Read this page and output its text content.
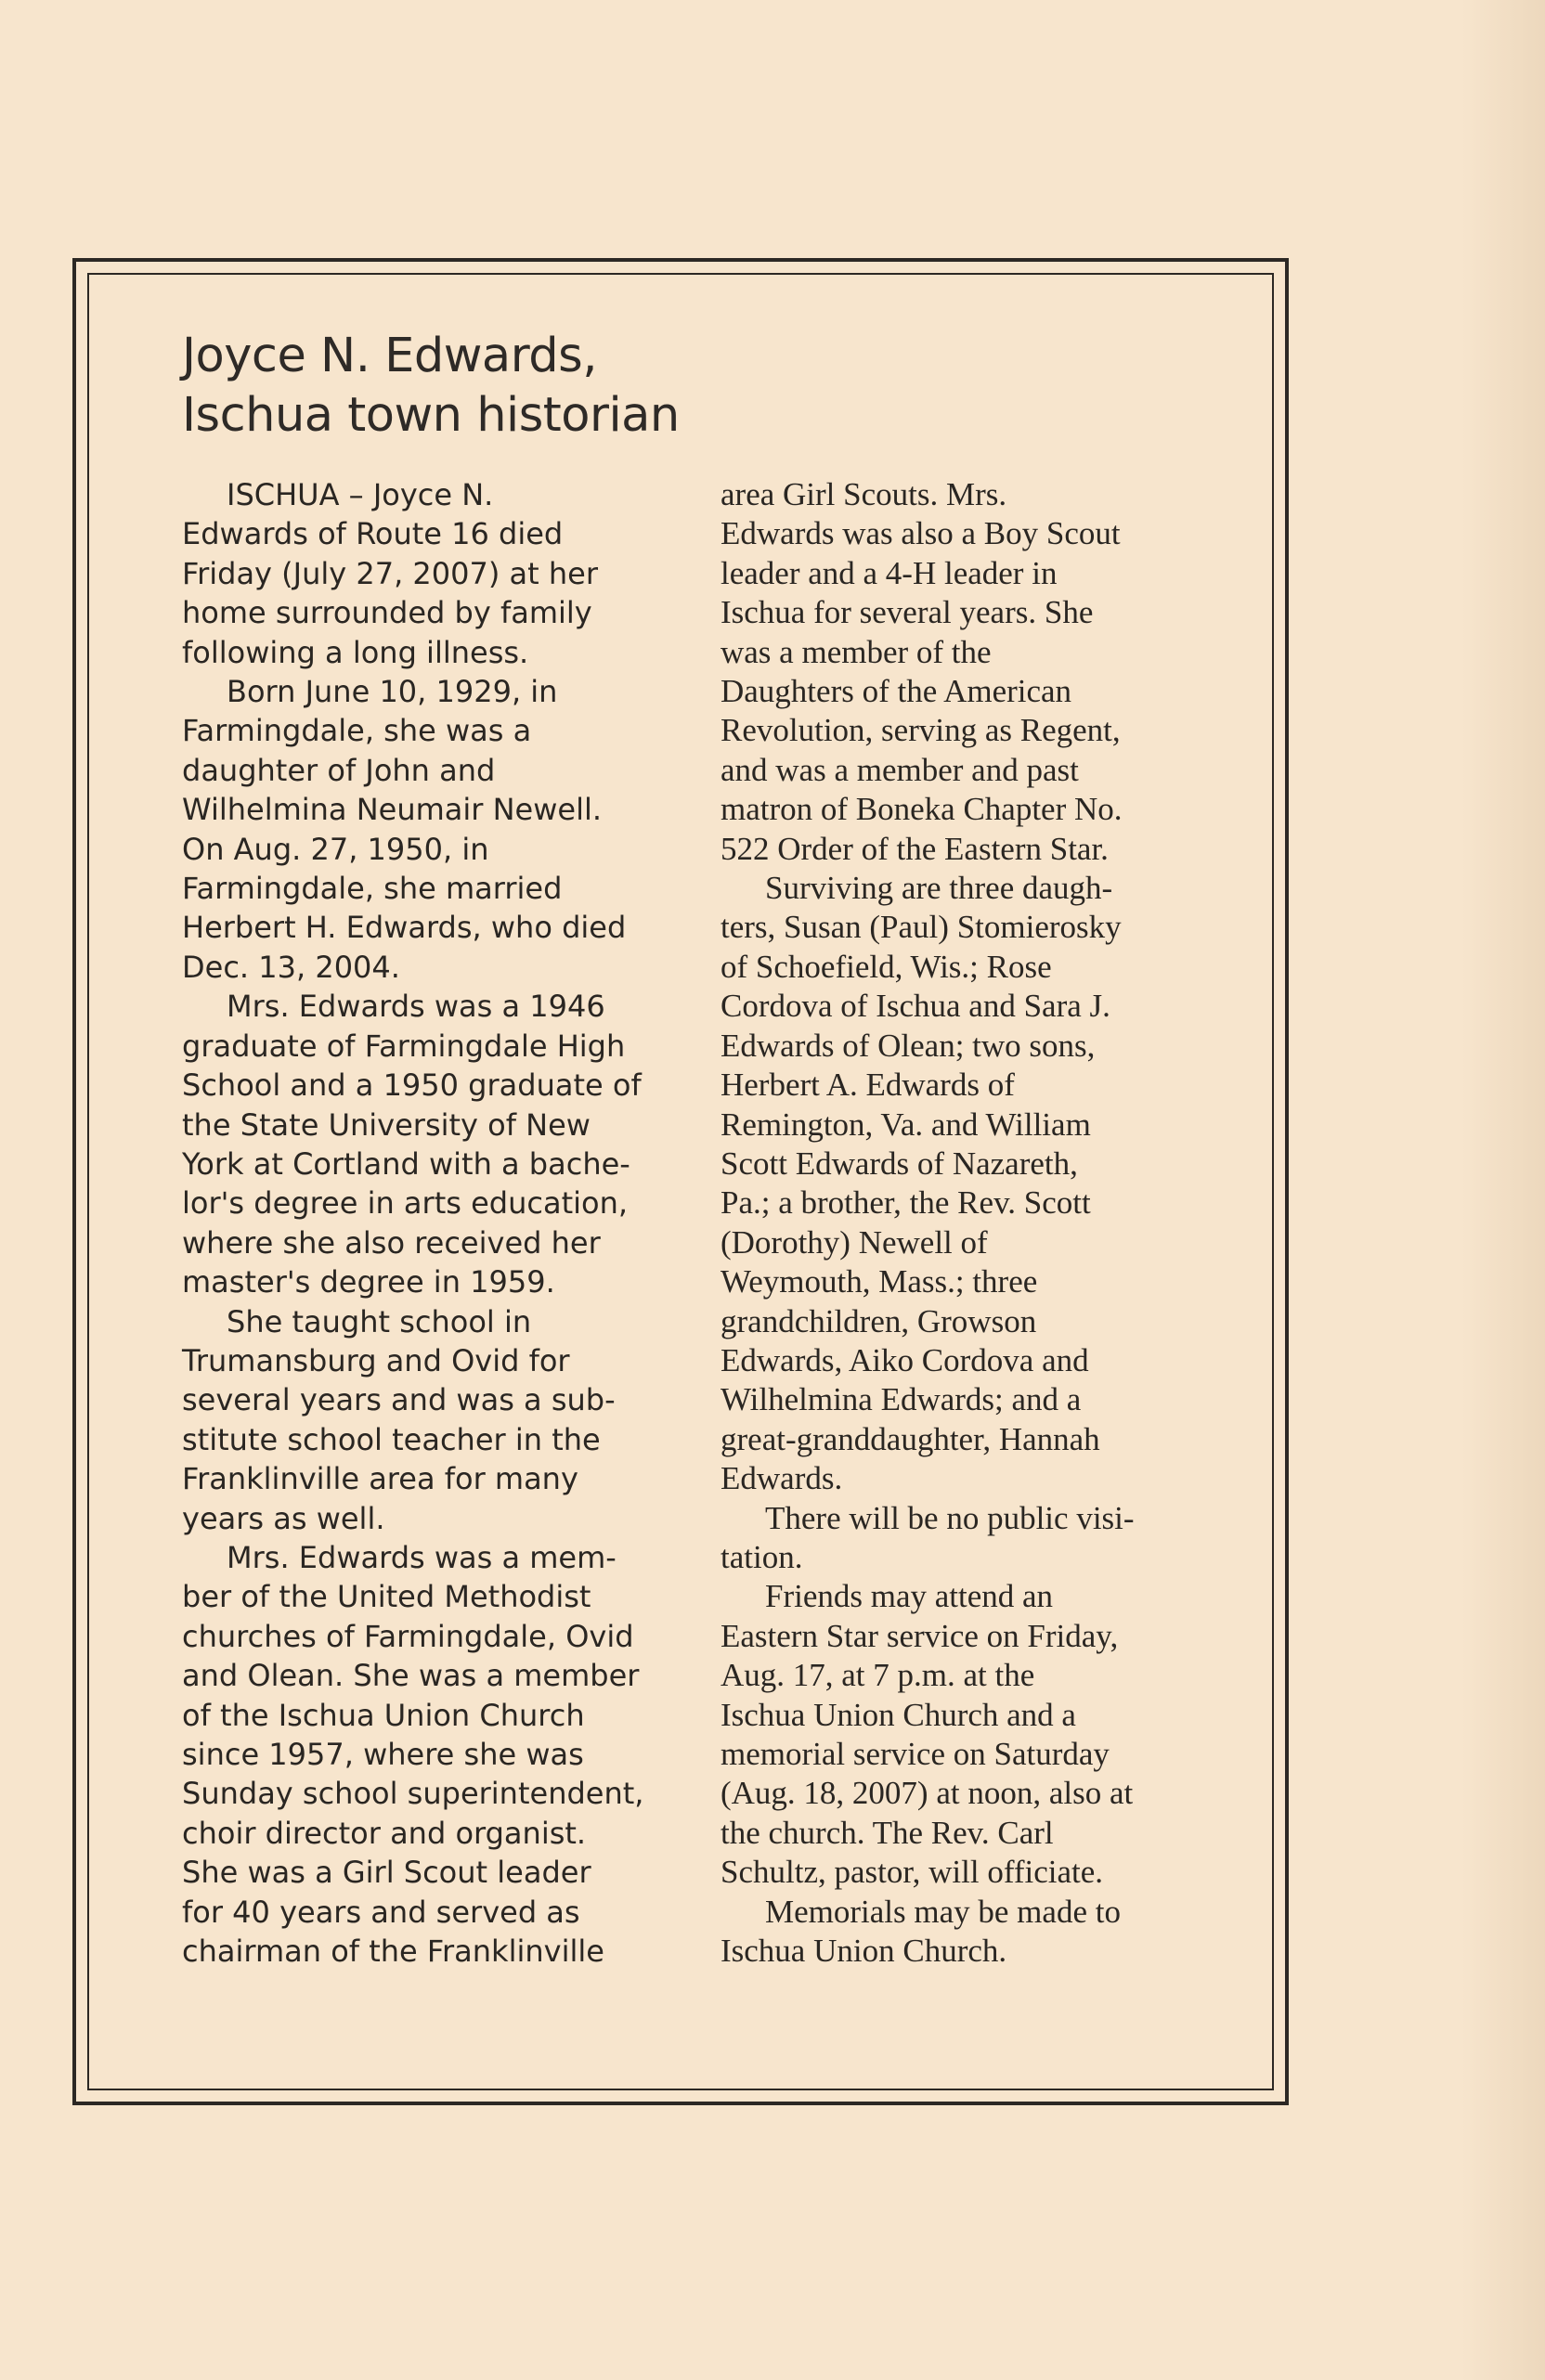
Joyce N. Edwards,
Ischua town historian
ISCHUA – Joyce N.
Edwards of Route 16 died
Friday (July 27, 2007) at her
home surrounded by family
following a long illness.
Born June 10, 1929, in
Farmingdale, she was a
daughter of John and
Wilhelmina Neumair Newell.
On Aug. 27, 1950, in
Farmingdale, she married
Herbert H. Edwards, who died
Dec. 13, 2004.
Mrs. Edwards was a 1946
graduate of Farmingdale High
School and a 1950 graduate of
the State University of New
York at Cortland with a bache-
lor's degree in arts education,
where she also received her
master's degree in 1959.
She taught school in
Trumansburg and Ovid for
several years and was a sub-
stitute school teacher in the
Franklinville area for many
years as well.
Mrs. Edwards was a mem-
ber of the United Methodist
churches of Farmingdale, Ovid
and Olean. She was a member
of the Ischua Union Church
since 1957, where she was
Sunday school superintendent,
choir director and organist.
She was a Girl Scout leader
for 40 years and served as
chairman of the Franklinville
area Girl Scouts. Mrs.
Edwards was also a Boy Scout
leader and a 4-H leader in
Ischua for several years. She
was a member of the
Daughters of the American
Revolution, serving as Regent,
and was a member and past
matron of Boneka Chapter No.
522 Order of the Eastern Star.
Surviving are three daugh-
ters, Susan (Paul) Stomierosky
of Schoefield, Wis.; Rose
Cordova of Ischua and Sara J.
Edwards of Olean; two sons,
Herbert A. Edwards of
Remington, Va. and William
Scott Edwards of Nazareth,
Pa.; a brother, the Rev. Scott
(Dorothy) Newell of
Weymouth, Mass.; three
grandchildren, Growson
Edwards, Aiko Cordova and
Wilhelmina Edwards; and a
great-granddaughter, Hannah
Edwards.
There will be no public visi-
tation.
Friends may attend an
Eastern Star service on Friday,
Aug. 17, at 7 p.m. at the
Ischua Union Church and a
memorial service on Saturday
(Aug. 18, 2007) at noon, also at
the church. The Rev. Carl
Schultz, pastor, will officiate.
Memorials may be made to
Ischua Union Church.
